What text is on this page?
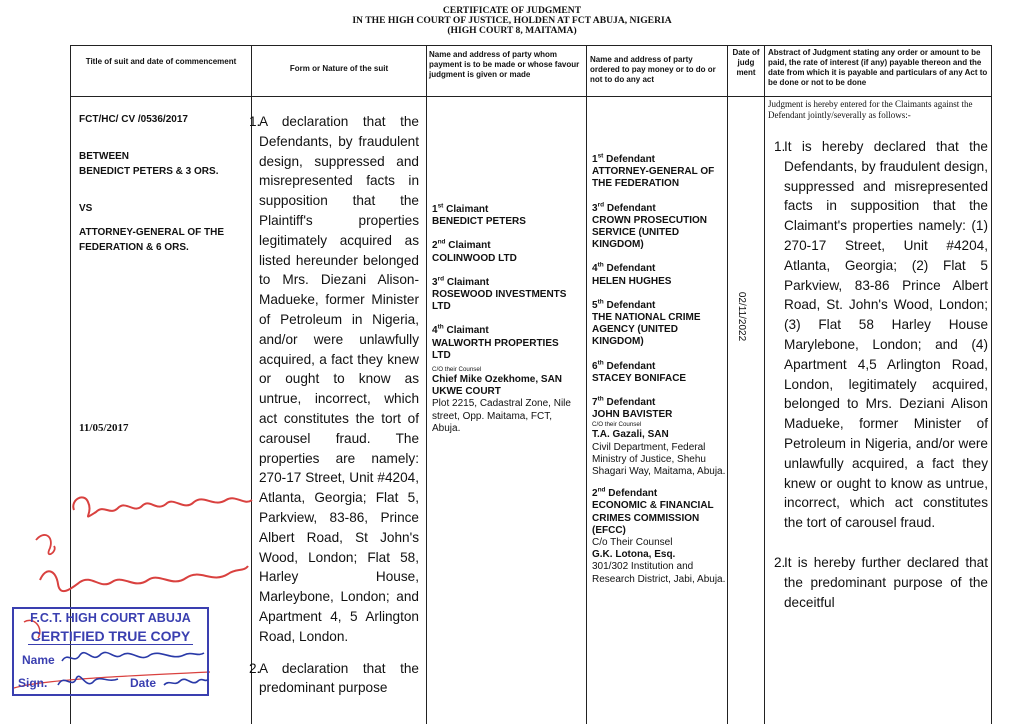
CERTIFICATE OF JUDGMENT
IN THE HIGH COURT OF JUSTICE, HOLDEN AT FCT ABUJA, NIGERIA
(HIGH COURT 8, MAITAMA)
Title of suit and date of commencement
Form or Nature of the suit
Name and address of party whom payment is to be made or whose favour judgment is given or made
Name and address of party ordered to pay money or to do or not to do any act
Date of judg ment
Abstract of Judgment stating any order or amount to be paid, the rate of interest (if any) payable thereon and the date from which it is payable and particulars of any Act to be done or not to be done

FCT/HC/ CV /0536/2017

BETWEEN

BENEDICT PETERS & 3 ORS.

VS

ATTORNEY-GENERAL OF THE FEDERATION & 6 ORS.

11/05/2017

1.
A declaration that the Defendants, by fraudulent design, suppressed and misrepresented facts in supposition that the Plaintiff's properties legitimately acquired as listed hereunder belonged to Mrs. Diezani Alison-Madueke, former Minister of Petroleum in Nigeria, and/or were unlawfully acquired, a fact they knew or ought to know as untrue, incorrect, which act constitutes the tort of carousel fraud. The properties are namely: 270-17 Street, Unit #4204, Atlanta, Georgia; Flat 5, Parkview, 83-86, Prince Albert Road, St John's Wood, London; Flat 58, Harley House, Marleybone, London; and Apartment 4, 5 Arlington Road, London.
2.
A declaration that the predominant purpose
1st Claimant
BENEDICT PETERS
2nd Claimant
COLINWOOD LTD
3rd Claimant
ROSEWOOD INVESTMENTS LTD
4th Claimant
WALWORTH PROPERTIES LTD
C/O their Counsel
Chief Mike Ozekhome, SAN
UKWE COURT
Plot 2215, Cadastral Zone, Nile street, Opp. Maitama, FCT, Abuja.
1st Defendant
ATTORNEY-GENERAL OF THE FEDERATION
3rd Defendant
CROWN PROSECUTION SERVICE (UNITED KINGDOM)
4th Defendant
HELEN HUGHES
5th Defendant
THE NATIONAL CRIME AGENCY (UNITED KINGDOM)
6th Defendant
STACEY BONIFACE
7th Defendant
JOHN BAVISTER
C/O their Counsel
T.A. Gazali, SAN
Civil Department, Federal Ministry of Justice, Shehu Shagari Way, Maitama, Abuja.
2nd Defendant
ECONOMIC & FINANCIAL CRIMES COMMISSION (EFCC)
C/o Their Counsel
G.K. Lotona, Esq.
301/302 Institution and Research District, Jabi, Abuja.
02/11/2022
Judgment is hereby entered for the Claimants against the Defendant jointly/severally as follows:-
1.
It is hereby declared that the Defendants, by fraudulent design, suppressed and misrepresented facts in supposition that the Claimant's properties namely: (1) 270-17 Street, Unit #4204, Atlanta, Georgia; (2) Flat 5 Parkview, 83-86 Prince Albert Road, St. John's Wood, London; (3) Flat 58 Harley House Marylebone, London; and (4) Apartment 4,5 Arlington Road, London, legitimately acquired, belonged to Mrs. Deziani Alison Madueke, former Minister of Petroleum in Nigeria, and/or were unlawfully acquired, a fact they knew or ought to know as untrue, incorrect, which act constitutes the tort of carousel fraud.
2.
It is hereby further declared that the predominant purpose of the deceitful
F.C.T. HIGH COURT ABUJA
CERTIFIED TRUE COPY
Name
Sign.	Date
